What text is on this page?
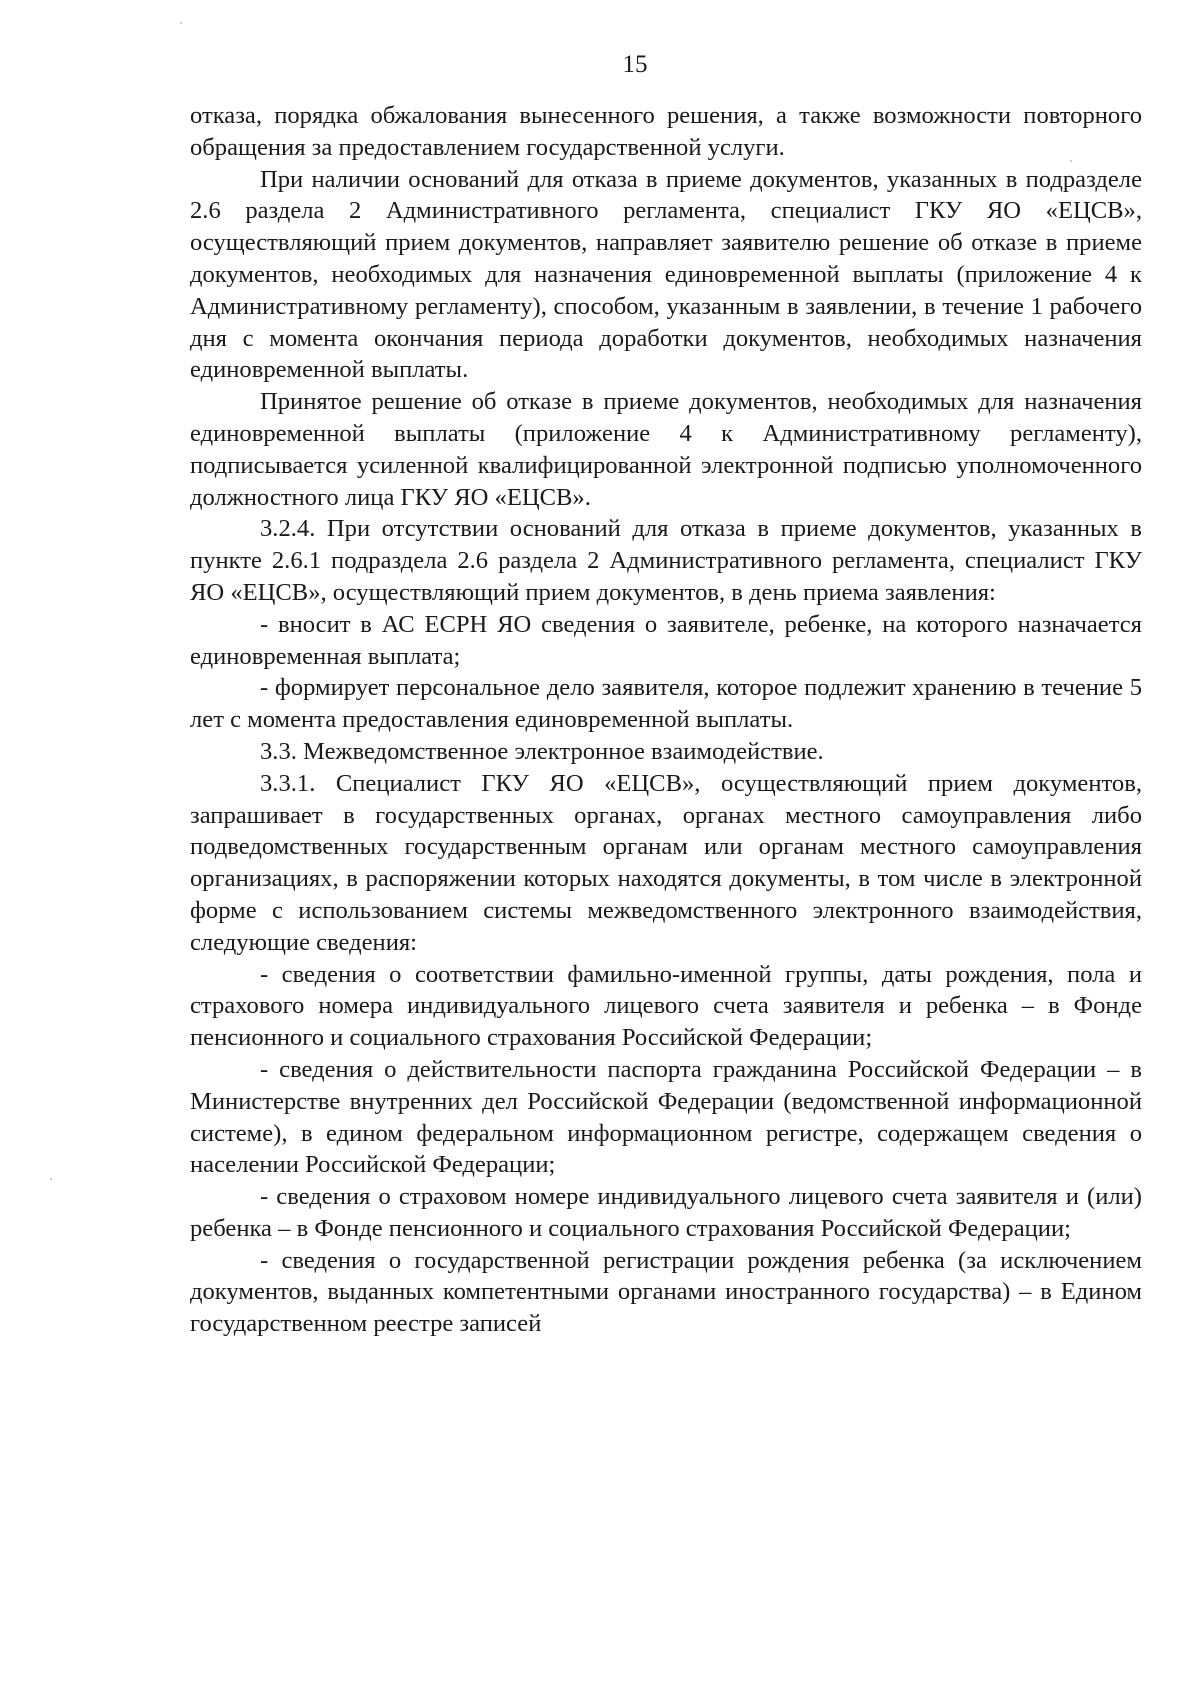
15

отказа, порядка обжалования вынесенного решения, а также возможности повторного обращения за предоставлением государственной услуги.

При наличии оснований для отказа в приеме документов, указанных в подразделе 2.6 раздела 2 Административного регламента, специалист ГКУ ЯО «ЕЦСВ», осуществляющий прием документов, направляет заявителю решение об отказе в приеме документов, необходимых для назначения единовременной выплаты (приложение 4 к Административному регламенту), способом, указанным в заявлении, в течение 1 рабочего дня с момента окончания периода доработки документов, необходимых назначения единовременной выплаты.

Принятое решение об отказе в приеме документов, необходимых для назначения единовременной выплаты (приложение 4 к Административному регламенту), подписывается усиленной квалифицированной электронной подписью уполномоченного должностного лица ГКУ ЯО «ЕЦСВ».

3.2.4. При отсутствии оснований для отказа в приеме документов, указанных в пункте 2.6.1 подраздела 2.6 раздела 2 Административного регламента, специалист ГКУ ЯО «ЕЦСВ», осуществляющий прием документов, в день приема заявления:

- вносит в АС ЕСРН ЯО сведения о заявителе, ребенке, на которого назначается единовременная выплата;

- формирует персональное дело заявителя, которое подлежит хранению в течение 5 лет с момента предоставления единовременной выплаты.

3.3. Межведомственное электронное взаимодействие.

3.3.1. Специалист ГКУ ЯО «ЕЦСВ», осуществляющий прием документов, запрашивает в государственных органах, органах местного самоуправления либо подведомственных государственным органам или органам местного самоуправления организациях, в распоряжении которых находятся документы, в том числе в электронной форме с использованием системы межведомственного электронного взаимодействия, следующие сведения:

- сведения о соответствии фамильно-именной группы, даты рождения, пола и страхового номера индивидуального лицевого счета заявителя и ребенка – в Фонде пенсионного и социального страхования Российской Федерации;

- сведения о действительности паспорта гражданина Российской Федерации – в Министерстве внутренних дел Российской Федерации (ведомственной информационной системе), в едином федеральном информационном регистре, содержащем сведения о населении Российской Федерации;

- сведения о страховом номере индивидуального лицевого счета заявителя и (или) ребенка – в Фонде пенсионного и социального страхования Российской Федерации;

- сведения о государственной регистрации рождения ребенка (за исключением документов, выданных компетентными органами иностранного государства) – в Едином государственном реестре записей
